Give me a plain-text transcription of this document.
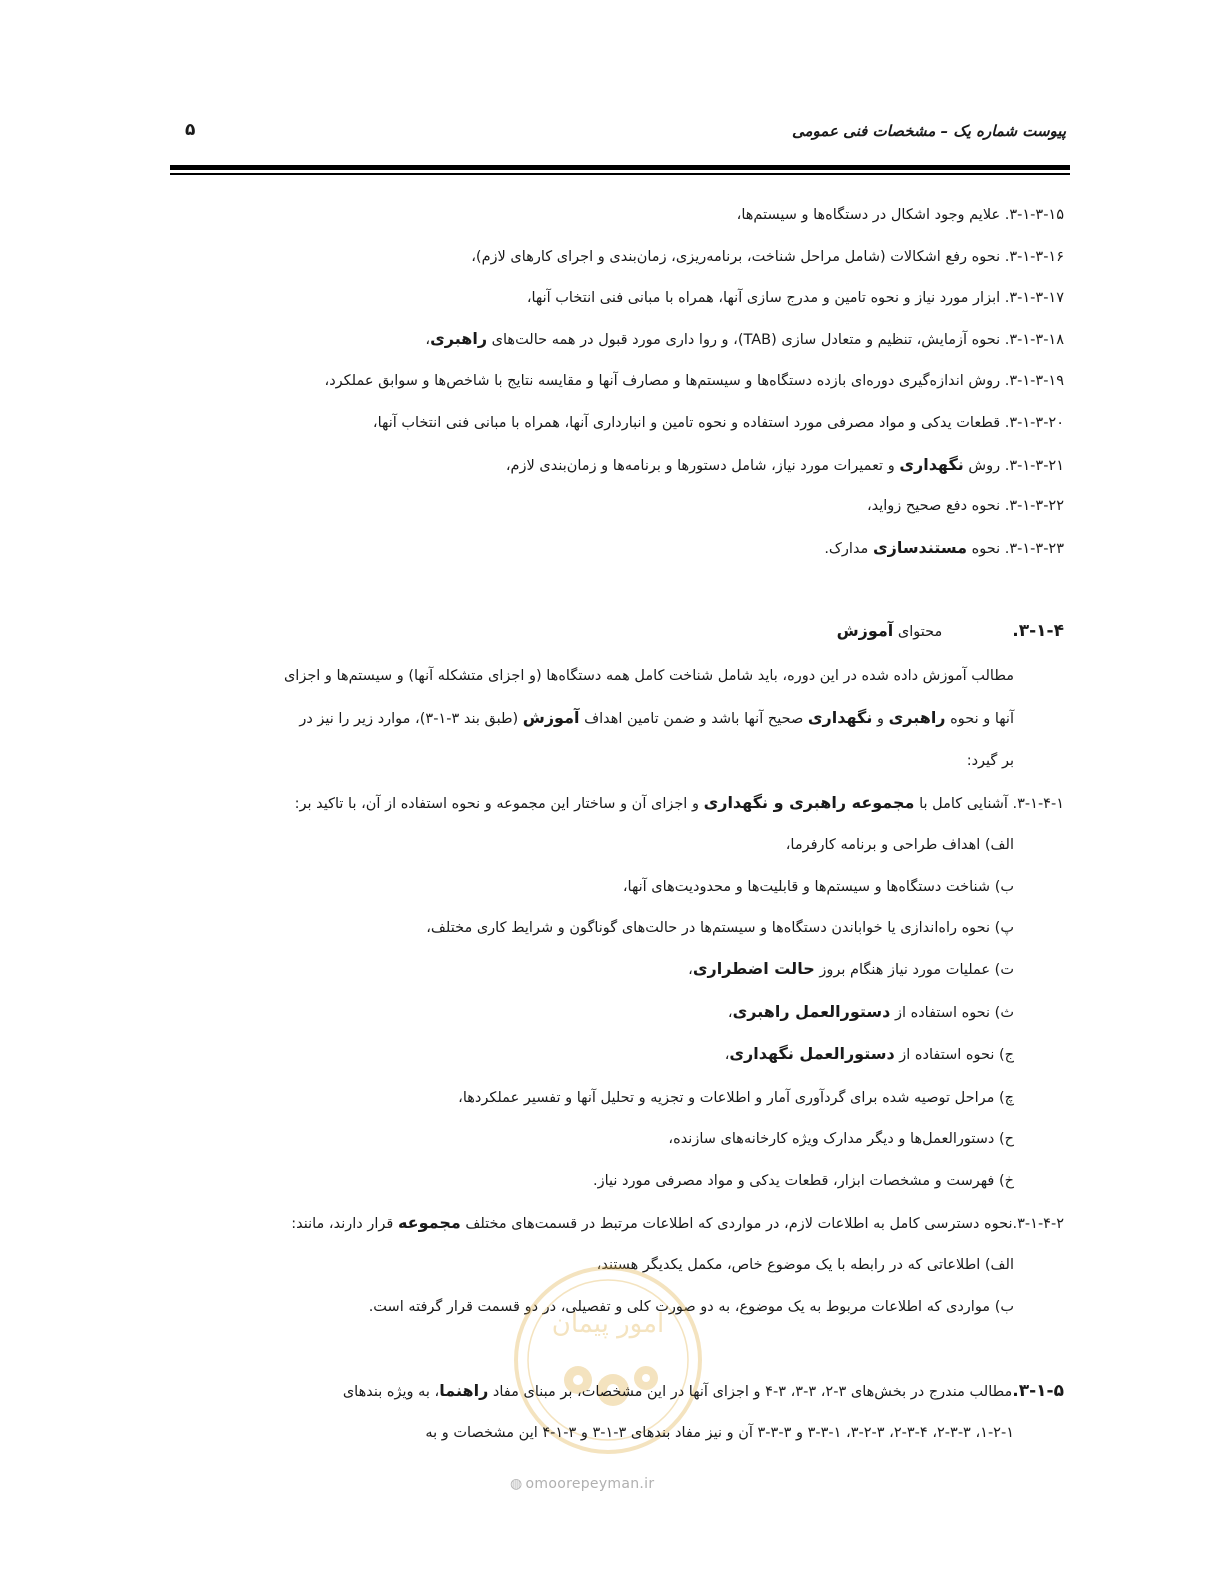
پیوست شماره یک – مشخصات فنی عمومی
۵
۳-۱-۳-۱۵. علایم وجود اشکال در دستگاه‌ها و سیستم‌ها،
۳-۱-۳-۱۶. نحوه رفع اشکالات (شامل مراحل شناخت، برنامه‌ریزی، زمان‌بندی و اجرای کارهای لازم)،
۳-۱-۳-۱۷. ابزار مورد نیاز و نحوه تامین و مدرج سازی آنها، همراه با مبانی فنی انتخاب آنها،
۳-۱-۳-۱۸. نحوه آزمایش، تنظیم و متعادل سازی (TAB)، و روا داری مورد قبول در همه حالت‌های راهبری،
۳-۱-۳-۱۹. روش اندازه‌گیری دوره‌ای بازده دستگاه‌ها و سیستم‌ها و مصارف آنها و مقایسه نتایج با شاخص‌ها و سوابق عملکرد،
۳-۱-۳-۲۰. قطعات یدکی و مواد مصرفی مورد استفاده و نحوه تامین و انبارداری آنها، همراه با مبانی فنی انتخاب آنها،
۳-۱-۳-۲۱. روش نگهداری و تعمیرات مورد نیاز، شامل دستورها و برنامه‌ها و زمان‌بندی لازم،
۳-۱-۳-۲۲. نحوه دفع صحیح زواید،
۳-۱-۳-۲۳. نحوه مستندسازی مدارک.
۳-۱-۴.محتوای آموزش
مطالب آموزش داده شده در این دوره، باید شامل شناخت کامل همه دستگاه‌ها (و اجزای متشکله آنها) و سیستم‌ها و اجزای
آنها و نحوه راهبری و نگهداری صحیح آنها باشد و ضمن تامین اهداف آموزش (طبق بند ۳-۱-۳)، موارد زیر را نیز در
بر گیرد:
۳-۱-۴-۱. آشنایی کامل با مجموعه راهبری و نگهداری و اجزای آن و ساختار این مجموعه و نحوه استفاده از آن، با تاکید بر:
الف) اهداف طراحی و برنامه کارفرما،
ب) شناخت دستگاه‌ها و سیستم‌ها و قابلیت‌ها و محدودیت‌های آنها،
پ) نحوه راه‌اندازی یا خواباندن دستگاه‌ها و سیستم‌ها در حالت‌های گوناگون و شرایط کاری مختلف،
ت) عملیات مورد نیاز هنگام بروز حالت اضطراری،
ث) نحوه استفاده از دستورالعمل راهبری،
ج) نحوه استفاده از دستورالعمل نگهداری،
چ) مراحل توصیه شده برای گردآوری آمار و اطلاعات و تجزیه و تحلیل آنها و تفسیر عملکردها،
ح) دستورالعمل‌ها و دیگر مدارک ویژه کارخانه‌های سازنده،
خ) فهرست و مشخصات ابزار، قطعات یدکی و مواد مصرفی مورد نیاز.
۳-۱-۴-۲.نحوه دسترسی کامل به اطلاعات لازم، در مواردی که اطلاعات مرتبط در قسمت‌های مختلف مجموعه قرار دارند، مانند:
الف) اطلاعاتی که در رابطه با یک موضوع خاص، مکمل یکدیگر هستند،
ب) مواردی که اطلاعات مربوط به یک موضوع، به دو صورت کلی و تفصیلی، در دو قسمت قرار گرفته است.
امور پیمان
۳-۱-۵.مطالب مندرج در بخش‌های ۳-۲، ۳-۳، ۳-۴ و اجزای آنها در این مشخصات، بر مبنای مفاد راهنما، به ویژه بندهای
۱-۲-۱، ۲-۳-۳، ۲-۳-۴، ۳-۲-۳، ۳-۳-۱ و ۳-۳-۳ آن و نیز مفاد بندهای ۳-۱-۳ و ۳-۱-۴ این مشخصات و به
◍ omoorepeyman.ir
